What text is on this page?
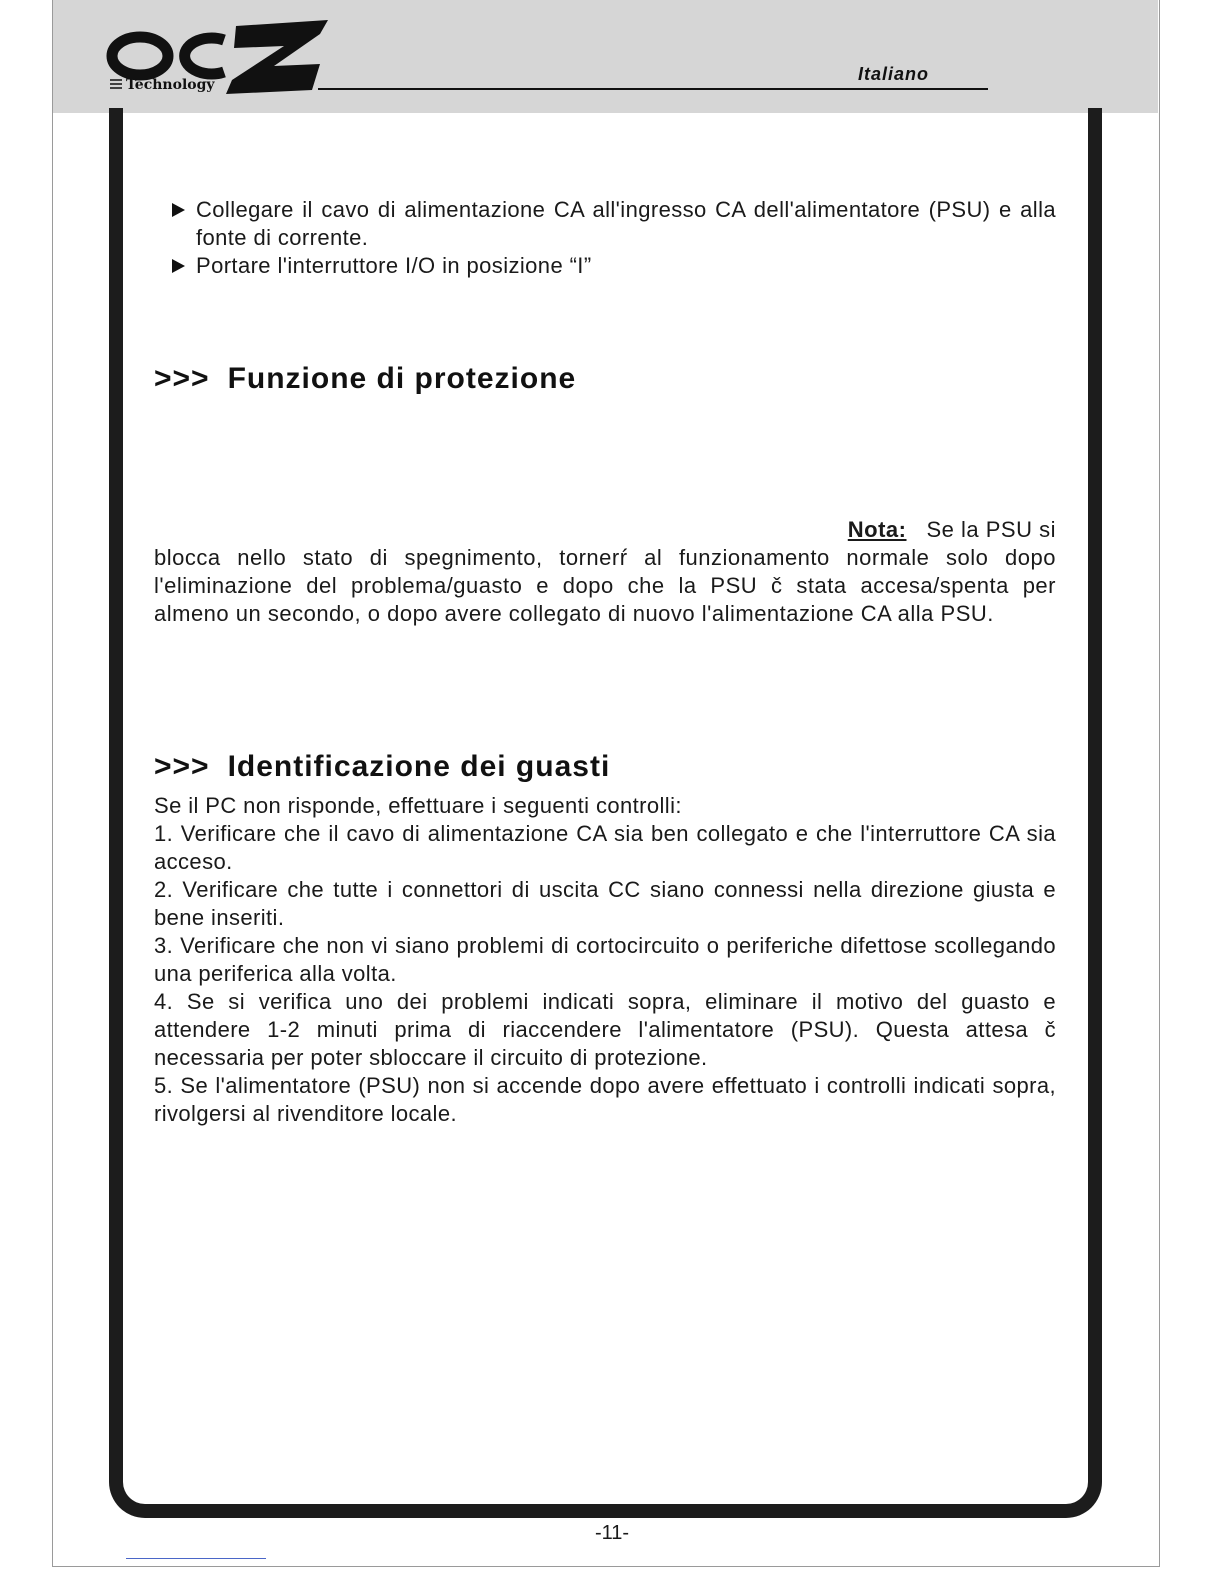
Technology
Italiano
Collegare il cavo di alimentazione CA all'ingresso CA dell'alimentatore (PSU) e alla fonte di corrente.
Portare l'interruttore I/O in posizione “I”
>>> Funzione di protezione
Nota: Se la PSU si
blocca nello stato di spegnimento, tornerŕ al funzionamento normale solo dopo l'eliminazione del problema/guasto e dopo che la PSU č stata accesa/spenta per almeno un secondo, o dopo avere collegato di nuovo l'alimentazione CA alla PSU.
>>> Identificazione dei guasti

Se il PC non risponde, effettuare i seguenti controlli:

1. Verificare che il cavo di alimentazione CA sia ben collegato e che l'interruttore CA sia acceso.

2. Verificare che tutte i connettori di uscita CC siano connessi nella direzione giusta e bene inseriti.

3. Verificare che non vi siano problemi di cortocircuito o periferiche difettose scollegando una periferica alla volta.

4. Se si verifica uno dei problemi indicati sopra, eliminare il motivo del guasto e attendere 1-2 minuti prima di riaccendere l'alimentatore (PSU). Questa attesa č necessaria per poter sbloccare il circuito di protezione.

5. Se l'alimentatore (PSU) non si accende dopo avere effettuato i controlli indicati sopra, rivolgersi al rivenditore locale.

-11-
